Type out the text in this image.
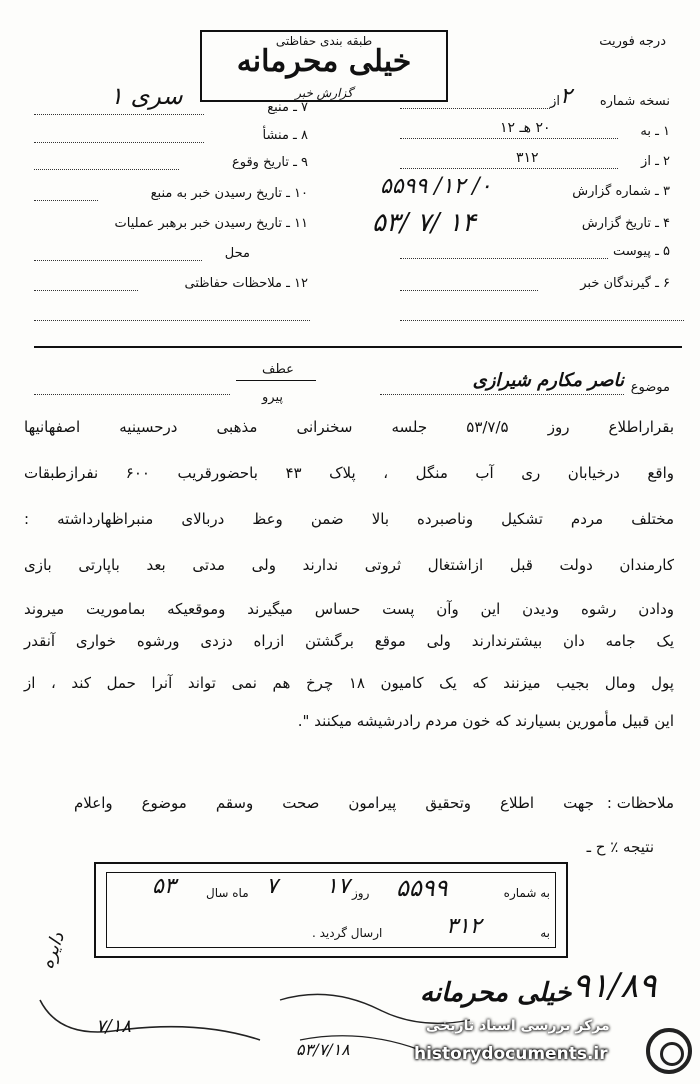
درجه فوریت
طبقه بندی حفاظتی
خیلی محرمانه
گزارش خبر
سری‌ ۱	۷ ـ منبع
۸ ـ منشأ
۹ ـ تاریخ وقوع
۱۰ ـ تاریخ رسیدن خبر به منبع
۱۱ ـ تاریخ رسیدن خبر برهبر عملیات
محل
۱۲ ـ ملاحظات حفاظتی
نسخه شماره
از ۲
۱ ـ به
۲۰ هـ ۱۲
۲ ـ از
۳۱۲
۳ ـ شماره گزارش
۵۵۹۹ /۱۲ /۰
۴ ـ تاریخ گزارش
۵۳/ ۷/ ۱۴
۵ ـ پیوست
۶ ـ گیرندگان خبر
موضوع
ناصر مکارم شیرازی
عطف
پیرو
بقراراطلاع روز ۵۳/۷/۵ جلسه سخنرانی مذهبی درحسینیه اصفهانیها
واقع درخیابان ری آب منگل ، پلاک ۴۳ باحضورقریب ۶۰۰ نفرازطبقات
مختلف مردم تشکیل وناصبرده بالا ضمن وعظ دربالای منبراظهارداشته :
کارمندان دولت قبل ازاشتغال ثروتی ندارند ولی مدتی بعد باپارتی بازی
ودادن رشوه ودیدن این وآن پست حساس میگیرند وموقعیکه بماموریت میروند
یک جامه دان بیشترندارند ولی موقع برگشتن ازراه دزدی ورشوه خواری آنقدر
پول ومال بجیب میزنند که یک کامیون ۱۸ چرخ هم نمی تواند آنرا حمل کند ، از
این قبیل مأمورین بسیارند که خون مردم رادرشیشه میکنند ".
ملاحظات :
جهت اطلاع وتحقیق پیرامون صحت وسقم موضوع واعلام
نتیجه ٪ ح ـ
به شماره
۵۵۹۹
روز
۱۷
۷
ماه سال
۵۳
به
۳۱۲
ارسال گردید .
دایره
۷/۱۸
۹۱/۸۹
خیلی محرمانه
۵۳/۷/۱۸
مرکز بررسی اسناد تاریخی
historydocuments.ir
